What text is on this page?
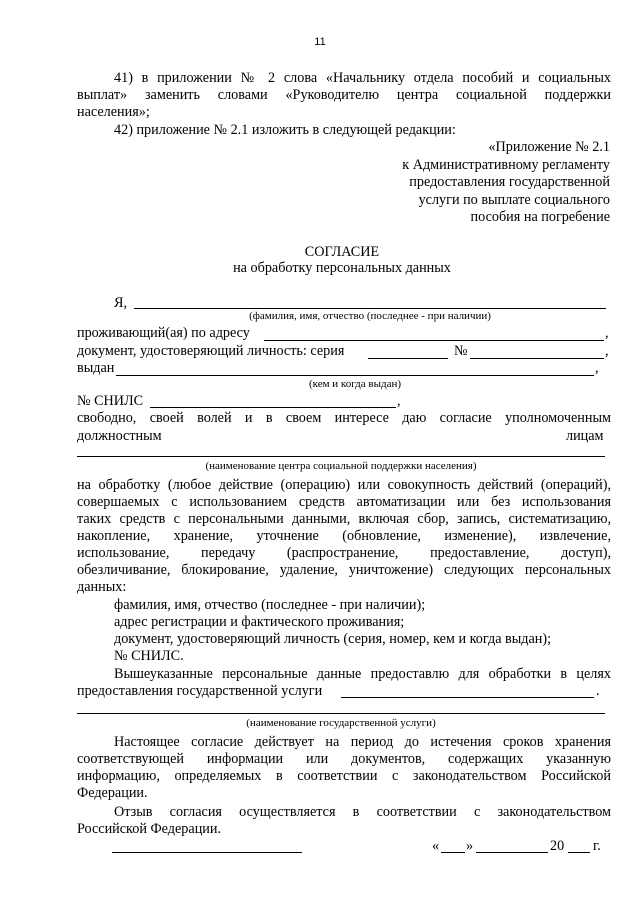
11
41) в приложении № 2 слова «Начальнику отдела пособий и социальных
выплат» заменить словами «Руководителю центра социальной поддержки
населения»;
42) приложение № 2.1 изложить в следующей редакции:
«Приложение № 2.1
к Административному регламенту
предоставления государственной
услуги по выплате социального
пособия на погребение
СОГЛАСИЕ
на обработку персональных данных
Я,
(фамилия, имя, отчество (последнее - при наличии)
проживающий(ая) по адресу	,
документ, удостоверяющий личность: серия	№	,
выдан	,
(кем и когда выдан)
№ СНИЛС	,
свободно, своей волей и в своем интересе даю согласие уполномоченным
должностным	лицам
(наименование центра социальной поддержки населения)
на обработку (любое действие (операцию) или совокупность действий (операций),
совершаемых с использованием средств автоматизации или без использования
таких средств с персональными данными, включая сбор, запись, систематизацию,
накопление, хранение, уточнение (обновление, изменение), извлечение,
использование, передачу (распространение, предоставление, доступ),
обезличивание, блокирование, удаление, уничтожение) следующих персональных
данных:
фамилия, имя, отчество (последнее - при наличии);
адрес регистрации и фактического проживания;
документ, удостоверяющий личность (серия, номер, кем и когда выдан);
№ СНИЛС.
Вышеуказанные персональные данные предоставлю для обработки в целях
предоставления государственной услуги	.
(наименование государственной услуги)
Настоящее согласие действует на период до истечения сроков хранения
соответствующей информации или документов, содержащих указанную
информацию, определяемых в соответствии с законодательством Российской
Федерации.
Отзыв согласия осуществляется в соответствии с законодательством
Российской Федерации.
« »	20 г.
